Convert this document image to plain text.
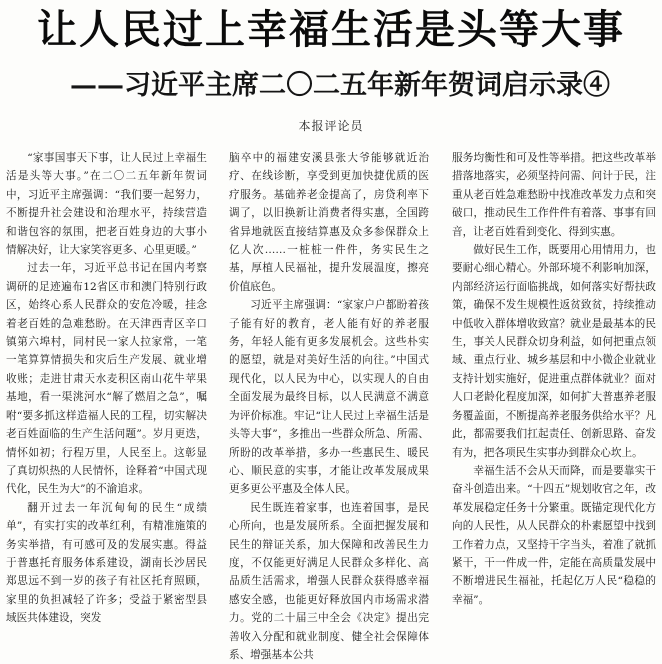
让人民过上幸福生活是头等大事
——习近平主席二〇二五年新年贺词启示录④
本报评论员

“家事国事天下事，让人民过上幸福生活是头等大事。”在二〇二五年新年贺词中，习近平主席强调：“我们要一起努力，不断提升社会建设和治理水平，持续营造和谐包容的氛围，把老百姓身边的大事小情解决好，让大家笑容更多、心里更暖。”

过去一年，习近平总书记在国内考察调研的足迹遍布12省区市和澳门特别行政区，始终心系人民群众的安危冷暖，挂念着老百姓的急难愁盼。在天津西青区辛口镇第六埠村，同村民一家人拉家常，一笔一笔算算情损失和灾后生产发展、就业增收账；走进甘肃天水麦积区南山花牛苹果基地，看一渠洮河水“解了燃眉之急”，嘱咐“要多抓这样造福人民的工程，切实解决老百姓面临的生产生活问题”。岁月更迭，情怀如初；行程万里，人民至上。这彰显了真切炽热的人民情怀，诠释着“中国式现代化，民生为大”的不渝追求。

翻开过去一年沉甸甸的民生“成绩单”，有实打实的改革红利，有精准施策的务实举措，有可感可及的发展实惠。得益于普惠托育服务体系建设，湖南长沙居民郑思远不到一岁的孩子有社区托育照顾，家里的负担减轻了许多；受益于紧密型县域医共体建设，突发

脑卒中的福建安溪县张大爷能够就近治疗、在线诊断，享受到更加快捷优质的医疗服务。基础养老金提高了，房贷利率下调了，以旧换新让消费者得实惠，全国跨省异地就医直接结算惠及众多参保群众上亿人次……一桩桩一件件，务实民生之基，厚植人民福祉，提升发展温度，擦亮价值底色。

习近平主席强调：“家家户户都盼着孩子能有好的教育，老人能有好的养老服务，年轻人能有更多发展机会。这些朴实的愿望，就是对美好生活的向往。”中国式现代化，以人民为中心，以实现人的自由全面发展为最终目标，以人民满意不满意为评价标准。牢记“让人民过上幸福生活是头等大事”，多推出一些群众所急、所需、所盼的改革举措，多办一些惠民生、暖民心、顺民意的实事，才能让改革发展成果更多更公平惠及全体人民。

民生既连着家事，也连着国事，是民心所向，也是发展所系。全面把握发展和民生的辩证关系，加大保障和改善民生力度，不仅能更好满足人民群众多样化、高品质生活需求，增强人民群众获得感幸福感安全感，也能更好释放国内市场需求潜力。党的二十届三中全会《决定》提出完善收入分配和就业制度、健全社会保障体系、增强基本公共

服务均衡性和可及性等举措。把这些改革举措落地落实，必须坚持问需、问计于民，注重从老百姓急难愁盼中找准改革发力点和突破口，推动民生工作件件有着落、事事有回音，让老百姓看到变化、得到实惠。

做好民生工作，既要用心用情用力，也要耐心细心精心。外部环境不利影响加深，内部经济运行面临挑战，如何落实好帮扶政策，确保不发生规模性返贫致贫，持续推动中低收入群体增收致富？就业是最基本的民生，事关人民群众切身利益，如何把重点领域、重点行业、城乡基层和中小微企业就业支持计划实施好，促进重点群体就业？面对人口老龄化程度加深，如何扩大普惠养老服务覆盖面，不断提高养老服务供给水平？凡此，都需要我们扛起责任、创新思路、奋发有为，把各项民生实事办到群众心坎上。

幸福生活不会从天而降，而是要靠实干奋斗创造出来。“十四五”规划收官之年，改革发展稳定任务十分繁重。既锚定现代化方向的人民性，从人民群众的朴素愿望中找到工作着力点，又坚持干字当头，着准了就抓紧干，干一件成一件，定能在高质量发展中不断增进民生福祉，托起亿万人民“稳稳的幸福”。
